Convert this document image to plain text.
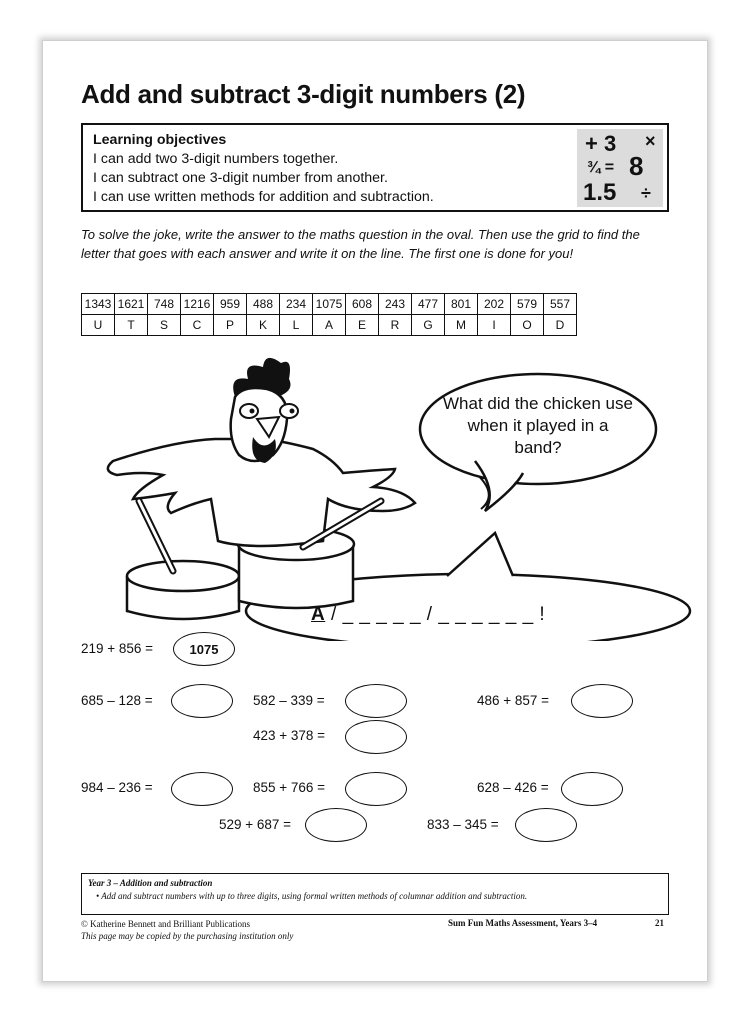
Add and subtract 3-digit numbers (2)
Learning objectives
I can add two 3-digit numbers together.
I can subtract one 3-digit number from another.
I can use written methods for addition and subtraction.
+ 3 ×
¾ = 8
1.5 ÷
To solve the joke, write the answer to the maths question in the oval. Then use the grid to find the letter that goes with each answer and write it on the line. The first one is done for you!
1343	1621	748	1216	959	488	234	1075	608	243	477	801	202	579	557
U	T	S	C	P	K	L	A	E	R	G	M	I	O	D
What did the chicken use when it played in a band?
A / _ _ _ _ _ / _ _ _ _ _ _ !
219 + 856 =	1075
685 – 128 =	582 – 339 =	486 + 857 =
423 + 378 =
984 – 236 =	855 + 766 =	628 – 426 =
529 + 687 =	833 – 345 =
Year 3 – Addition and subtraction
• Add and subtract numbers with up to three digits, using formal written methods of columnar addition and subtraction.
© Katherine Bennett and Brilliant Publications
This page may be copied by the purchasing institution only
Sum Fun Maths Assessment, Years 3–4	21
